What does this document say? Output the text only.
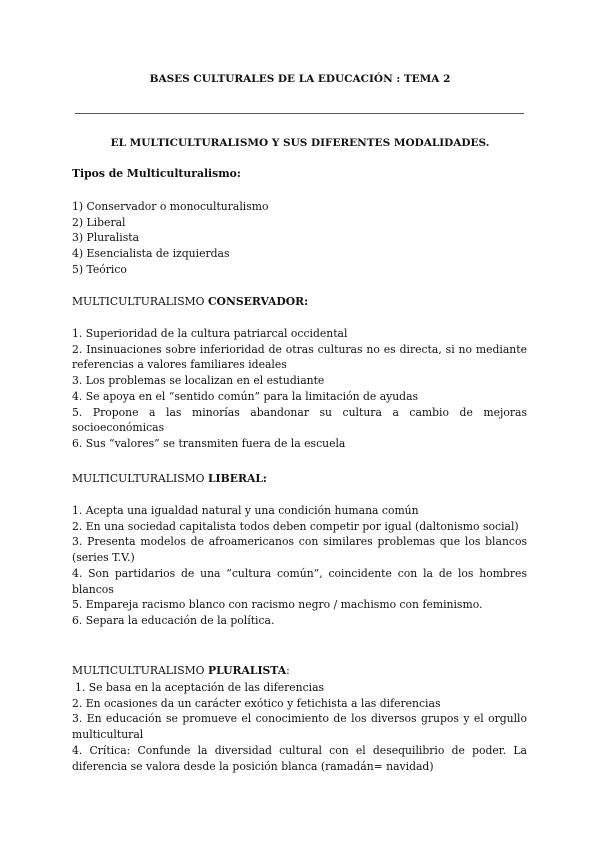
BASES CULTURALES DE LA EDUCACIÓN : TEMA 2
EL MULTICULTURALISMO Y SUS DIFERENTES MODALIDADES.
Tipos de Multiculturalismo:
1) Conservador o monoculturalismo
2) Liberal
3) Pluralista
4) Esencialista de izquierdas
5) Teórico
MULTICULTURALISMO CONSERVADOR:
1. Superioridad de la cultura patriarcal occidental
2. Insinuaciones sobre inferioridad de otras culturas no es directa, si no mediante referencias a valores familiares ideales
3. Los problemas se localizan en el estudiante
4. Se apoya en el “sentido común” para la limitación de ayudas
5. Propone a las minorías abandonar su cultura a cambio de mejoras socioeconómicas
6. Sus “valores” se transmiten fuera de la escuela
MULTICULTURALISMO LIBERAL:
1. Acepta una igualdad natural y una condición humana común
2. En una sociedad capitalista todos deben competir por igual (daltonismo social)
3. Presenta modelos de afroamericanos con similares problemas que los blancos (series T.V.)
4. Son partidarios de una “cultura común”, coincidente con la de los hombres blancos
5. Empareja racismo blanco con racismo negro / machismo con feminismo.
6. Separa la educación de la política.
MULTICULTURALISMO PLURALISTA:
1. Se basa en la aceptación de las diferencias
2. En ocasiones da un carácter exótico y fetichista a las diferencias
3. En educación se promueve el conocimiento de los diversos grupos y el orgullo multicultural
4. Crítica: Confunde la diversidad cultural con el desequilibrio de poder. La diferencia se valora desde la posición blanca (ramadán= navidad)
